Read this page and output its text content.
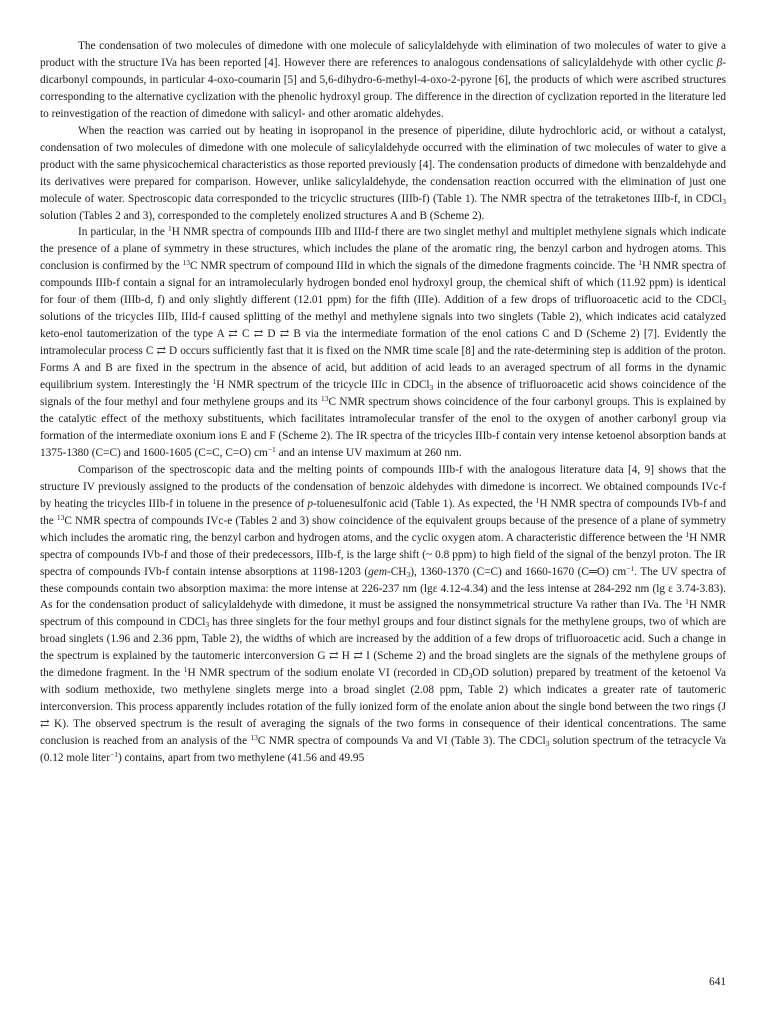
The condensation of two molecules of dimedone with one molecule of salicylaldehyde with elimination of two molecules of water to give a product with the structure IVa has been reported [4]. However there are references to analogous condensations of salicylaldehyde with other cyclic β-dicarbonyl compounds, in particular 4-oxo-coumarin [5] and 5,6-dihydro-6-methyl-4-oxo-2-pyrone [6], the products of which were ascribed structures corresponding to the alternative cyclization with the phenolic hydroxyl group. The difference in the direction of cyclization reported in the literature led to reinvestigation of the reaction of dimedone with salicyl- and other aromatic aldehydes.

When the reaction was carried out by heating in isopropanol in the presence of piperidine, dilute hydrochloric acid, or without a catalyst, condensation of two molecules of dimedone with one molecule of salicylaldehyde occurred with the elimination of twc molecules of water to give a product with the same physicochemical characteristics as those reported previously [4]. The condensation products of dimedone with benzaldehyde and its derivatives were prepared for comparison. However, unlike salicylaldehyde, the condensation reaction occurred with the elimination of just one molecule of water. Spectroscopic data corresponded to the tricyclic structures (IIIb-f) (Table 1). The NMR spectra of the tetraketones IIIb-f, in CDCl$_3$ solution (Tables 2 and 3), corresponded to the completely enolized structures A and B (Scheme 2).

In particular, in the $^1$H NMR spectra of compounds IIIb and IIId-f there are two singlet methyl and multiplet methylene signals which indicate the presence of a plane of symmetry in these structures, which includes the plane of the aromatic ring, the benzyl carbon and hydrogen atoms. This conclusion is confirmed by the $^{13}$C NMR spectrum of compound IIId in which the signals of the dimedone fragments coincide. The $^1$H NMR spectra of compounds IIIb-f contain a signal for an intramolecularly hydrogen bonded enol hydroxyl group, the chemical shift of which (11.92 ppm) is identical for four of them (IIIb-d, f) and only slightly different (12.01 ppm) for the fifth (IIIe). Addition of a few drops of trifluoroacetic acid to the CDCl$_3$ solutions of the tricycles IIIb, IIId-f caused splitting of the methyl and methylene signals into two singlets (Table 2), which indicates acid catalyzed keto-enol tautomerization of the type A ⇄ C ⇄ D ⇄ B via the intermediate formation of the enol cations C and D (Scheme 2) [7]. Evidently the intramolecular process C ⇄ D occurs sufficiently fast that it is fixed on the NMR time scale [8] and the rate-determining step is addition of the proton. Forms A and B are fixed in the spectrum in the absence of acid, but addition of acid leads to an averaged spectrum of all forms in the dynamic equilibrium system. Interestingly the $^1$H NMR spectrum of the tricycle IIIc in CDCl$_3$ in the absence of trifluoroacetic acid shows coincidence of the signals of the four methyl and four methylene groups and its $^{13}$C NMR spectrum shows coincidence of the four carbonyl groups. This is explained by the catalytic effect of the methoxy substituents, which facilitates intramolecular transfer of the enol to the oxygen of another carbonyl group via formation of the intermediate oxonium ions E and F (Scheme 2). The IR spectra of the tricycles IIIb-f contain very intense ketoenol absorption bands at 1375-1380 (C=C) and 1600-1605 (C=C, C=O) $cm^{-1}$ and an intense UV maximum at 260 nm.

Comparison of the spectroscopic data and the melting points of compounds IIIb-f with the analogous literature data [4, 9] shows that the structure IV previously assigned to the products of the condensation of benzoic aldehydes with dimedone is incorrect. We obtained compounds IVc-f by heating the tricycles IIIb-f in toluene in the presence of p-toluenesulfonic acid (Table 1). As expected, the $^1$H NMR spectra of compounds IVb-f and the $^{13}$C NMR spectra of compounds IVc-e (Tables 2 and 3) show coincidence of the equivalent groups because of the presence of a plane of symmetry which includes the aromatic ring, the benzyl carbon and hydrogen atoms, and the cyclic oxygen atom. A characteristic difference between the $^1$H NMR spectra of compounds IVb-f and those of their predecessors, IIIb-f, is the large shift (~ 0.8 ppm) to high field of the signal of the benzyl proton. The IR spectra of compounds IVb-f contain intense absorptions at 1198-1203 $(gem-CH_3)$, 1360-1370 (C=C) and 1660-1670 (C═O) $cm^{-1}$. The UV spectra of these compounds contain two absorption maxima: the more intense at 226-237 nm (lgε 4.12-4.34) and the less intense at 284-292 nm (lg ε 3.74-3.83). As for the condensation product of salicylaldehyde with dimedone, it must be assigned the nonsymmetrical structure Va rather than IVa. The $^1$H NMR spectrum of this compound in CDCl$_3$ has three singlets for the four methyl groups and four distinct signals for the methylene groups, two of which are broad singlets (1.96 and 2.36 ppm, Table 2), the widths of which are increased by the addition of a few drops of trifluoroacetic acid. Such a change in the spectrum is explained by the tautomeric interconversion G ⇄ H ⇄ I (Scheme 2) and the broad singlets are the signals of the methylene groups of the dimedone fragment. In the $^1$H NMR spectrum of the sodium enolate VI (recorded in $CD_3OD$ solution) prepared by treatment of the ketoenol Va with sodium methoxide, two methylene singlets merge into a broad singlet (2.08 ppm, Table 2) which indicates a greater rate of tautomeric interconversion. This process apparently includes rotation of the fully ionized form of the enolate anion about the single bond between the two rings (J ⇄ K). The observed spectrum is the result of averaging the signals of the two forms in consequence of their identical concentrations. The same conclusion is reached from an analysis of the $^{13}$C NMR spectra of compounds Va and VI (Table 3). The CDCl$_3$ solution spectrum of the tetracycle Va (0.12 mole liter$^{-1}$) contains, apart from two methylene (41.56 and 49.95

641
